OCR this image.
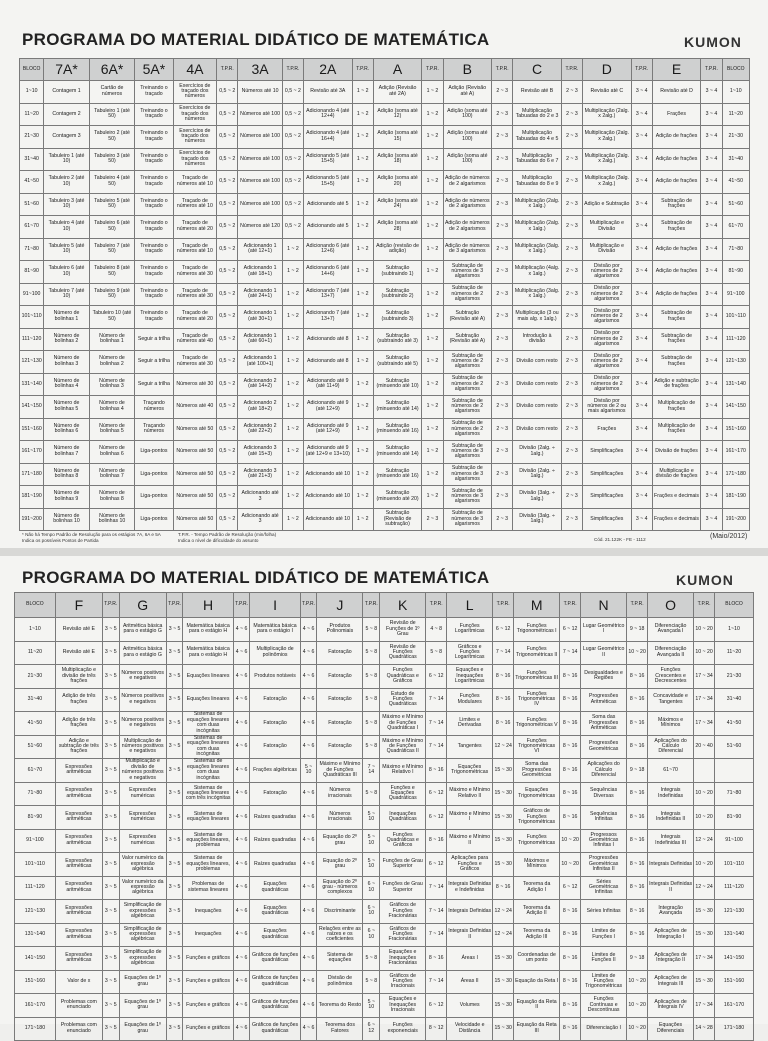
PROGRAMA DO MATERIAL DIDÁTICO DE MATEMÁTICA	KUMON
BLOCO	7A*	6A*	5A*	4A	T.P.R.	3A	T.P.R.	2A	T.P.R.	A	T.P.R.	B	T.P.R.	C	T.P.R.	D	T.P.R.	E	T.P.R.	BLOCO
1~10	Contagem 1	Cartão de números	Treinando o traçado	Exercícios de traçado dos números	0,5 ~ 2	Números até 10	0,5 ~ 2	Revisão até 3A	1 ~ 2	Adição (Revisão até 2A)	1 ~ 2	Adição (Revisão até A)	2 ~ 3	Revisão até B	2 ~ 3	Revisão até C	3 ~ 4	Revisão até D	3 ~ 4	1~10
11~20	Contagem 2	Tabuleiro 1 (até 50)	Treinando o traçado	Exercícios de traçado dos números	0,5 ~ 2	Números até 100	0,5 ~ 2	Adicionando 4 (até 12+4)	1 ~ 2	Adição (soma até 12)	1 ~ 2	Adição (soma até 100)	2 ~ 3	Multiplicação Tabuadas do 2 e 3	2 ~ 3	Multiplicação (2alg. x 2alg.)	3 ~ 4	Frações	3 ~ 4	11~20
21~30	Contagem 3	Tabuleiro 2 (até 50)	Treinando o traçado	Exercícios de traçado dos números	0,5 ~ 2	Números até 100	0,5 ~ 2	Adicionando 4 (até 16+4)	1 ~ 2	Adição (soma até 15)	1 ~ 2	Adição (soma até 100)	2 ~ 3	Multiplicação Tabuadas do 4 e 5	2 ~ 3	Multiplicação (2alg. x 2alg.)	3 ~ 4	Adição de frações	3 ~ 4	21~30
31~40	Tabuleiro 1 (até 10)	Tabuleiro 3 (até 50)	Treinando o traçado	Exercícios de traçado dos números	0,5 ~ 2	Números até 100	0,5 ~ 2	Adicionando 5 (até 15+5)	1 ~ 2	Adição (soma até 18)	1 ~ 2	Adição (soma até 100)	2 ~ 3	Multiplicação Tabuadas do 6 e 7	2 ~ 3	Multiplicação (2alg. x 2alg.)	3 ~ 4	Adição de frações	3 ~ 4	31~40
41~50	Tabuleiro 2 (até 10)	Tabuleiro 4 (até 50)	Treinando o traçado	Traçado de números até 10	0,5 ~ 2	Números até 100	0,5 ~ 2	Adicionando 5 (até 15+5)	1 ~ 2	Adição (soma até 20)	1 ~ 2	Adição de números de 2 algarismos	2 ~ 3	Multiplicação Tabuadas do 8 e 9	2 ~ 3	Multiplicação (3alg. x 2alg.)	3 ~ 4	Adição de frações	3 ~ 4	41~50
51~60	Tabuleiro 3 (até 10)	Tabuleiro 5 (até 50)	Treinando o traçado	Traçado de números até 10	0,5 ~ 2	Números até 100	0,5 ~ 2	Adicionando até 5	1 ~ 2	Adição (soma até 24)	1 ~ 2	Adição de números de 2 algarismos	2 ~ 3	Multiplicação (2alg. x 1alg.)	2 ~ 3	Adição e Subtração	3 ~ 4	Subtração de frações	3 ~ 4	51~60
61~70	Tabuleiro 4 (até 10)	Tabuleiro 6 (até 50)	Treinando o traçado	Traçado de números até 20	0,5 ~ 2	Números até 120	0,5 ~ 2	Adicionando até 5	1 ~ 2	Adição (soma até 28)	1 ~ 2	Adição de números de 2 algarismos	2 ~ 3	Multiplicação (2alg. x 1alg.)	2 ~ 3	Multiplicação e Divisão	3 ~ 4	Subtração de frações	3 ~ 4	61~70
71~80	Tabuleiro 5 (até 10)	Tabuleiro 7 (até 50)	Treinando o traçado	Traçado de números até 10	0,5 ~ 2	Adicionando 1 (até 12+1)	1 ~ 2	Adicionando 6 (até 12+6)	1 ~ 2	Adição (revisão de adição)	1 ~ 2	Adição de números de 3 algarismos	2 ~ 3	Multiplicação (3alg. x 1alg.)	2 ~ 3	Multiplicação e Divisão	3 ~ 4	Adição de frações	3 ~ 4	71~80
81~90	Tabuleiro 6 (até 10)	Tabuleiro 8 (até 50)	Treinando o traçado	Traçado de números até 30	0,5 ~ 2	Adicionando 1 (até 18+1)	1 ~ 2	Adicionando 6 (até 14+6)	1 ~ 2	Subtração (subtraindo 1)	1 ~ 2	Subtração de números de 3 algarismos	2 ~ 3	Multiplicação (4alg. x 1alg.)	2 ~ 3	Divisão por números de 2 algarismos	3 ~ 4	Adição de frações	3 ~ 4	81~90
91~100	Tabuleiro 7 (até 10)	Tabuleiro 9 (até 50)	Treinando o traçado	Traçado de números até 30	0,5 ~ 2	Adicionando 1 (até 24+1)	1 ~ 2	Adicionando 7 (até 13+7)	1 ~ 2	Subtração (subtraindo 2)	1 ~ 2	Subtração de números de 2 algarismos	2 ~ 3	Multiplicação (3alg. x 1alg.)	2 ~ 3	Divisão por números de 2 algarismos	3 ~ 4	Adição de frações	3 ~ 4	91~100
101~110	Número de bolinhas 1	Tabuleiro 10 (até 50)	Treinando o traçado	Traçado de números até 20	0,5 ~ 2	Adicionando 1 (até 30+1)	1 ~ 2	Adicionando 7 (até 13+7)	1 ~ 2	Subtração (subtraindo 3)	1 ~ 2	Subtração (Revisão até A)	2 ~ 3	Multiplicação (3 ou mais alg. x 1alg.)	2 ~ 3	Divisão por números de 2 algarismos	3 ~ 4	Subtração de frações	3 ~ 4	101~110
111~120	Número de bolinhas 2	Número de bolinhas 1	Seguir a trilha	Traçado de números até 40	0,5 ~ 2	Adicionando 1 (até 60+1)	1 ~ 2	Adicionando até 8	1 ~ 2	Subtração (subtraindo até 3)	1 ~ 2	Subtração (Revisão até A)	2 ~ 3	Introdução à divisão	2 ~ 3	Divisão por números de 2 algarismos	3 ~ 4	Subtração de frações	3 ~ 4	111~120
121~130	Número de bolinhas 3	Número de bolinhas 2	Seguir a trilha	Traçado de números até 30	0,5 ~ 2	Adicionando 1 (até 100+1)	1 ~ 2	Adicionando até 8	1 ~ 2	Subtração (subtraindo até 5)	1 ~ 2	Subtração de números de 2 algarismos	2 ~ 3	Divisão com resto	2 ~ 3	Divisão por números de 2 algarismos	3 ~ 4	Subtração de frações	3 ~ 4	121~130
131~140	Número de bolinhas 4	Número de bolinhas 3	Seguir a trilha	Números até 30	0,5 ~ 2	Adicionando 2 (até 14+2)	1 ~ 2	Adicionando até 9 (até 11+9)	1 ~ 2	Subtração (minuendo até 10)	1 ~ 2	Subtração de números de 2 algarismos	2 ~ 3	Divisão com resto	2 ~ 3	Divisão por números de 2 algarismos	3 ~ 4	Adição e subtração de frações	3 ~ 4	131~140
141~150	Número de bolinhas 5	Número de bolinhas 4	Traçando números	Números até 40	0,5 ~ 2	Adicionando 2 (até 18+2)	1 ~ 2	Adicionando até 9 (até 12+9)	1 ~ 2	Subtração (minuendo até 14)	1 ~ 2	Subtração de números de 2 algarismos	2 ~ 3	Divisão com resto	2 ~ 3	Divisão por números de 2 ou mais algarismos	3 ~ 4	Multiplicação de frações	3 ~ 4	141~150
151~160	Número de bolinhas 6	Número de bolinhas 5	Traçando números	Números até 50	0,5 ~ 2	Adicionando 2 (até 22+2)	1 ~ 2	Adicionando até 9 (até 12+9)	1 ~ 2	Subtração (minuendo até 16)	1 ~ 2	Subtração de números de 2 algarismos	2 ~ 3	Divisão com resto	2 ~ 3	Frações	3 ~ 4	Multiplicação de frações	3 ~ 4	151~160
161~170	Número de bolinhas 7	Número de bolinhas 6	Liga-pontos	Números até 50	0,5 ~ 2	Adicionando 3 (até 15+3)	1 ~ 2	Adicionando até 9 (até 12+9 e 13+10)	1 ~ 2	Subtração (minuendo até 14)	1 ~ 2	Subtração de números de 3 algarismos	2 ~ 3	Divisão (2alg. ÷ 1alg.)	2 ~ 3	Simplificações	3 ~ 4	Divisão de frações	3 ~ 4	161~170
171~180	Número de bolinhas 8	Número de bolinhas 7	Liga-pontos	Números até 50	0,5 ~ 2	Adicionando 3 (até 21+3)	1 ~ 2	Adicionando até 10	1 ~ 2	Subtração (minuendo até 16)	1 ~ 2	Subtração de números de 3 algarismos	2 ~ 3	Divisão (2alg. ÷ 1alg.)	2 ~ 3	Simplificações	3 ~ 4	Multiplicação e divisão de frações	3 ~ 4	171~180
181~190	Número de bolinhas 9	Número de bolinhas 8	Liga-pontos	Números até 50	0,5 ~ 2	Adicionando até 3	1 ~ 2	Adicionando até 10	1 ~ 2	Subtração (minuendo até 20)	1 ~ 2	Subtração de números de 3 algarismos	2 ~ 3	Divisão (3alg. ÷ 1alg.)	2 ~ 3	Simplificações	3 ~ 4	Frações e decimais	3 ~ 4	181~190
191~200	Número de bolinhas 10	Número de bolinhas 10	Liga-pontos	Números até 50	0,5 ~ 2	Adicionando até 3	1 ~ 2	Adicionando até 10	1 ~ 2	Subtração (Revisão de subtração)	2 ~ 3	Subtração de números de 3 algarismos	2 ~ 3	Divisão (3alg. ÷ 1alg.)	2 ~ 3	Simplificações	3 ~ 4	Frações e decimais	3 ~ 4	191~200
* Não há Tempo Padrão de Resolução para os estágios 7A, 6A e 5A
Indica os possíveis Pontos de Partida
T.P.R. - Tempo Padrão de Resolução (min/folha)
Indica o nível de dificuldade do assunto	Cód. 21.122K - FE - 1112	(Maio/2012)
PROGRAMA DO MATERIAL DIDÁTICO DE MATEMÁTICA	KUMON
BLOCO	F	T.P.R.	G	T.P.R.	H	T.P.R.	I	T.P.R.	J	T.P.R.	K	T.P.R.	L	T.P.R.	M	T.P.R.	N	T.P.R.	O	T.P.R.	BLOCO
1~10	Revisão até E	3 ~ 5	Aritmética básica para o estágio G	3 ~ 5	Matemática básica para o estágio H	4 ~ 6	Matemática básica para o estágio I	4 ~ 6	Produtos Polinomiais	5 ~ 8	Revisão de Funções de 1º Grau	4 ~ 8	Funções Logarítmicas	6 ~ 12	Funções Trigonométricas I	6 ~ 12	Lugar Geométrico I	9 ~ 18	Diferenciação Avançada I	10 ~ 20	1~10
11~20	Revisão até E	3 ~ 5	Aritmética básica para o estágio G	3 ~ 5	Matemática básica para o estágio H	4 ~ 6	Multiplicação de polinômios	4 ~ 6	Fatoração	5 ~ 8	Revisão de Funções Quadráticas	5 ~ 8	Gráficos e Funções Logarítmicas	7 ~ 14	Funções Trigonométricas II	7 ~ 14	Lugar Geométrico II	10 ~ 20	Diferenciação Avançada II	10 ~ 20	11~20
21~30	Multiplicação e divisão de três frações	3 ~ 5	Números positivos e negativos	3 ~ 5	Equações lineares	4 ~ 6	Produtos notáveis	4 ~ 6	Fatoração	5 ~ 8	Funções Quadráticas e Gráficos	6 ~ 12	Equações e Inequações Logarítmicas	8 ~ 16	Funções Trigonométricas III	8 ~ 16	Desigualdades e Regiões	8 ~ 16	Funções Crescentes e Decrescentes	17 ~ 34	21~30
31~40	Adição de três frações	3 ~ 5	Números positivos e negativos	3 ~ 5	Equações lineares	4 ~ 6	Fatoração	4 ~ 6	Fatoração	5 ~ 8	Estudo de Funções Quadráticas	7 ~ 14	Funções Modulares	8 ~ 16	Funções Trigonométricas IV	8 ~ 16	Progressões Aritméticas	8 ~ 16	Concavidade e Tangentes	17 ~ 34	31~40
41~50	Adição de três frações	3 ~ 5	Números positivos e negativos	3 ~ 5	Sistemas de equações lineares com duas incógnitas	4 ~ 6	Fatoração	4 ~ 6	Fatoração	5 ~ 8	Máximo e Mínimo de Funções Quadráticas I	7 ~ 14	Limites e Derivadas	8 ~ 16	Funções Trigonométricas V	8 ~ 16	Soma das Progressões Aritméticas	8 ~ 16	Máximos e Mínimos	17 ~ 34	41~50
51~60	Adição e subtração de três frações	3 ~ 5	Multiplicação de números positivos e negativos	3 ~ 5	Sistemas de equações lineares com duas incógnitas	4 ~ 6	Fatoração	4 ~ 6	Fatoração	5 ~ 8	Máximo e Mínimo de Funções Quadráticas II	7 ~ 14	Tangentes	12 ~ 24	Funções Trigonométricas VI	8 ~ 16	Progressões Geométricas	8 ~ 16	Aplicações do Cálculo Diferencial	20 ~ 40	51~60
61~70	Expressões aritméticas	3 ~ 5	Multiplicação e divisão de números positivos e negativos	3 ~ 5	Sistemas de equações lineares com duas incógnitas	4 ~ 6	Frações algébricas	5 ~ 10	Máximo e Mínimo de Funções Quadráticas III	7 ~ 14	Máximo e Mínimo Relativo I	8 ~ 16	Equações Trigonométricas	15 ~ 30	Soma das Progressões Geométricas	8 ~ 16	Aplicações do Cálculo Diferencial	9 ~ 18	61~70		
71~80	Expressões aritméticas	3 ~ 5	Expressões numéricas	3 ~ 5	Sistemas de equações lineares com três incógnitas	4 ~ 6	Fatoração	4 ~ 6	Números irracionais	5 ~ 8	Funções e Equações Quadráticas	6 ~ 12	Máximo e Mínimo Relativo II	15 ~ 30	Equações Trigonométricas	8 ~ 16	Sequências Diversas	8 ~ 16	Integrais Indefinidas	10 ~ 20	71~80
81~90	Expressões aritméticas	3 ~ 5	Expressões numéricas	3 ~ 5	Sistemas de equações lineares	4 ~ 6	Raízes quadradas	4 ~ 6	Números irracionais	5 ~ 10	Inequações Quadráticas	6 ~ 12	Máximo e Mínimo I	15 ~ 30	Gráficos de Funções Trigonométricas	8 ~ 16	Sequências Infinitas	8 ~ 16	Integrais Indefinidas II	10 ~ 20	81~90
91~100	Expressões aritméticas	3 ~ 5	Expressões numéricas	3 ~ 5	Sistemas de equações lineares, problemas	4 ~ 6	Raízes quadradas	4 ~ 6	Equação do 2º grau	5 ~ 10	Funções Quadráticas e Gráficos	8 ~ 16	Máximo e Mínimo II	15 ~ 30	Funções Trigonométricas	10 ~ 20	Progressos Geométricas Infinitas I	8 ~ 16	Integrais Indefinidas III	12 ~ 24	91~100
101~110	Expressões aritméticas	3 ~ 5	Valor numérico da expressão algébrica	3 ~ 5	Sistemas de equações lineares, problemas	4 ~ 6	Raízes quadradas	4 ~ 6	Equação do 2º grau	5 ~ 10	Funções de Grau Superior	6 ~ 12	Aplicações para Funções e Gráficos	15 ~ 30	Máximos e Mínimos	10 ~ 20	Progressões Geométricas Infinitas II	8 ~ 16	Integrais Definidas	10 ~ 20	101~110
111~120	Expressões aritméticas	3 ~ 5	Valor numérico da expressão algébrica	3 ~ 5	Problemas de sistemas lineares	4 ~ 6	Equações quadráticas	4 ~ 6	Equação do 2º grau - números complexos	6 ~ 10	Funções de Grau Superior	7 ~ 14	Integrais Definidas e Indefinidas	8 ~ 16	Teorema da Adição I	6 ~ 12	Séries Geométricas Infinitas	8 ~ 16	Integrais Definidas II	12 ~ 24	111~120
121~130	Expressões aritméticas	3 ~ 5	Simplificação de expressões algébricas	3 ~ 5	Inequações	4 ~ 6	Equações quadráticas	4 ~ 6	Discriminante	6 ~ 10	Gráficos de Funções Fracionárias	7 ~ 14	Integrais Definidas	12 ~ 24	Teorema da Adição II	8 ~ 16	Séries Infinitas	8 ~ 16	Integração Avançada	15 ~ 30	121~130
131~140	Expressões aritméticas	3 ~ 5	Simplificação de expressões algébricas	3 ~ 5	Inequações	4 ~ 6	Equações quadráticas	4 ~ 6	Relações entre as raízes e os coeficientes	6 ~ 10	Gráficos de Funções Fracionárias	7 ~ 14	Integrais Definidas II	12 ~ 24	Teorema da Adição III	8 ~ 16	Limites de Funções I	8 ~ 16	Aplicações de Integração I	15 ~ 30	131~140
141~150	Expressões aritméticas	3 ~ 5	Simplificação de expressões algébricas	3 ~ 5	Funções e gráficos	4 ~ 6	Gráficos de funções quadráticas	4 ~ 6	Sistema de equações	5 ~ 8	Equações e Inequações Fracionárias	8 ~ 16	Áreas I	15 ~ 30	Coordenadas de um ponto	8 ~ 16	Limites de Funções II	9 ~ 18	Aplicações de Integração II	17 ~ 34	141~150
151~160	Valor de x	3 ~ 5	Equações de 1º grau	3 ~ 5	Funções e gráficos	4 ~ 6	Gráficos de funções quadráticas	4 ~ 6	Divisão de polinômios	5 ~ 8	Gráficos de Funções Irracionais	7 ~ 14	Áreas II	15 ~ 30	Equação da Reta I	8 ~ 16	Limites de Funções Trigonométricas	10 ~ 20	Aplicações de Integrais III	15 ~ 30	151~160
161~170	Problemas com enunciado	3 ~ 5	Equações de 1º grau	3 ~ 5	Funções e gráficos	4 ~ 6	Gráficos de funções quadráticas	4 ~ 6	Teorema do Resto	5 ~ 10	Equações e Inequações Irracionais	6 ~ 12	Volumes	15 ~ 30	Equação da Reta II	8 ~ 16	Funções Contínuas e Descontínuas	10 ~ 20	Aplicações de Integrais IV	17 ~ 34	161~170
171~180	Problemas com enunciado	3 ~ 5	Equações de 1º grau	3 ~ 5	Funções e gráficos	4 ~ 6	Gráficos de funções quadráticas	4 ~ 6	Teorema dos Fatores	6 ~ 12	Funções exponenciais	8 ~ 12	Velocidade e Distância	15 ~ 30	Equação da Reta III	8 ~ 16	Diferenciação I	10 ~ 20	Equações Diferenciais	14 ~ 28	171~180
